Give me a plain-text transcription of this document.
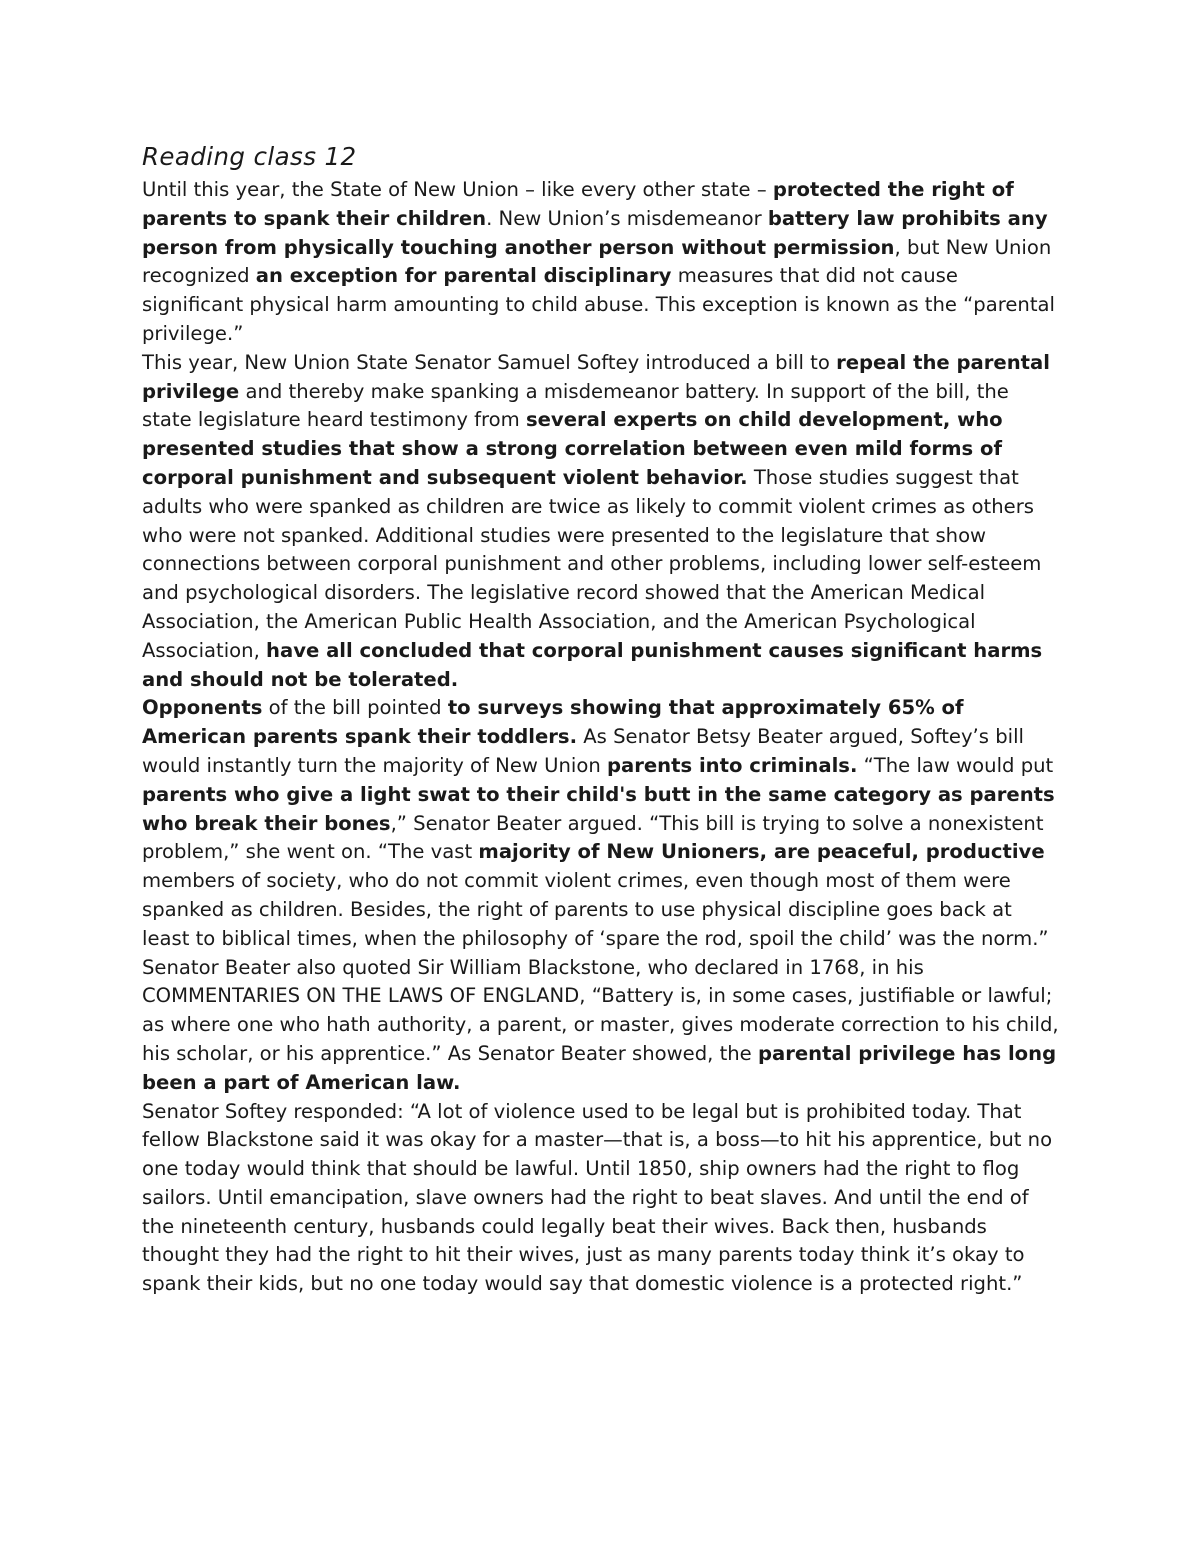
Reading class 12

Until this year, the State of New Union – like every other state – protected the right of parents to spank their children. New Union’s misdemeanor battery law prohibits any person from physically touching another person without permission, but New Union recognized an exception for parental disciplinary measures that did not cause significant physical harm amounting to child abuse. This exception is known as the “parental privilege.”

This year, New Union State Senator Samuel Softey introduced a bill to repeal the parental privilege and thereby make spanking a misdemeanor battery. In support of the bill, the state legislature heard testimony from several experts on child development, who presented studies that show a strong correlation between even mild forms of corporal punishment and subsequent violent behavior. Those studies suggest that adults who were spanked as children are twice as likely to commit violent crimes as others who were not spanked. Additional studies were presented to the legislature that show connections between corporal punishment and other problems, including lower self-esteem and psychological disorders. The legislative record showed that the American Medical Association, the American Public Health Association, and the American Psychological Association, have all concluded that corporal punishment causes significant harms and should not be tolerated.

Opponents of the bill pointed to surveys showing that approximately 65% of American parents spank their toddlers. As Senator Betsy Beater argued, Softey’s bill would instantly turn the majority of New Union parents into criminals. “The law would put parents who give a light swat to their child's butt in the same category as parents who break their bones,” Senator Beater argued. “This bill is trying to solve a nonexistent problem,” she went on. “The vast majority of New Unioners, are peaceful, productive members of society, who do not commit violent crimes, even though most of them were spanked as children. Besides, the right of parents to use physical discipline goes back at least to biblical times, when the philosophy of ‘spare the rod, spoil the child’ was the norm.” Senator Beater also quoted Sir William Blackstone, who declared in 1768, in his COMMENTARIES ON THE LAWS OF ENGLAND, “Battery is, in some cases, justifiable or lawful; as where one who hath authority, a parent, or master, gives moderate correction to his child, his scholar, or his apprentice.” As Senator Beater showed, the parental privilege has long been a part of American law.

Senator Softey responded: “A lot of violence used to be legal but is prohibited today. That fellow Blackstone said it was okay for a master—that is, a boss—to hit his apprentice, but no one today would think that should be lawful. Until 1850, ship owners had the right to flog sailors. Until emancipation, slave owners had the right to beat slaves. And until the end of the nineteenth century, husbands could legally beat their wives. Back then, husbands thought they had the right to hit their wives, just as many parents today think it’s okay to spank their kids, but no one today would say that domestic violence is a protected right.”
